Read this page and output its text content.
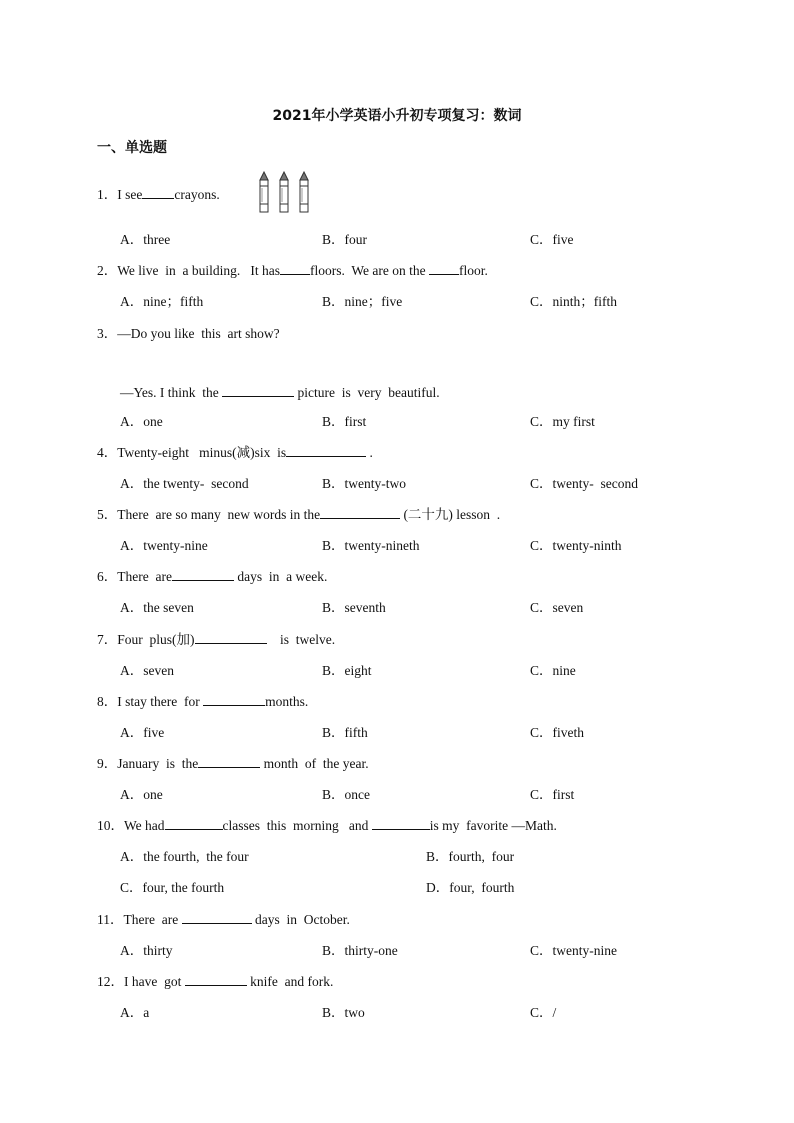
2021年小学英语小升初专项复习：数词
一、单选题
1．I see crayons.
A．three	B．four	C．five
2．We live  in  a building.   It has floors.  We are on the floor.
A．nine；fifth	B．nine；five	C．ninth；fifth
3．—Do you like  this  art show?
—Yes. I think  the	picture  is  very  beautiful.
A．one	B．first	C．my first
4．Twenty-eight   minus(减)six  is	.
A．the twenty-  second	B．twenty-two	C．twenty-  second
5．There  are so many  new words in the	(二十九) lesson  .
A．twenty-nine	B．twenty-nineth	C．twenty-ninth
6．There  are	days  in  a week.
A．the seven	B．seventh	C．seven
7．Four  plus(加)	is  twelve.
A．seven	B．eight	C．nine
8．I stay there  for	months.
A．five	B．fifth	C．fiveth
9．January  is  the	month  of  the year.
A．one	B．once	C．first
10．We had	classes  this  morning   and	is my  favorite —Math.
A．the fourth,  the four	B．fourth,  four
C．four, the fourth	D．four,  fourth
11．There  are	days  in  October.
A．thirty	B．thirty-one	C．twenty-nine
12．I have  got	knife  and fork.
A．a	B．two	C．/
